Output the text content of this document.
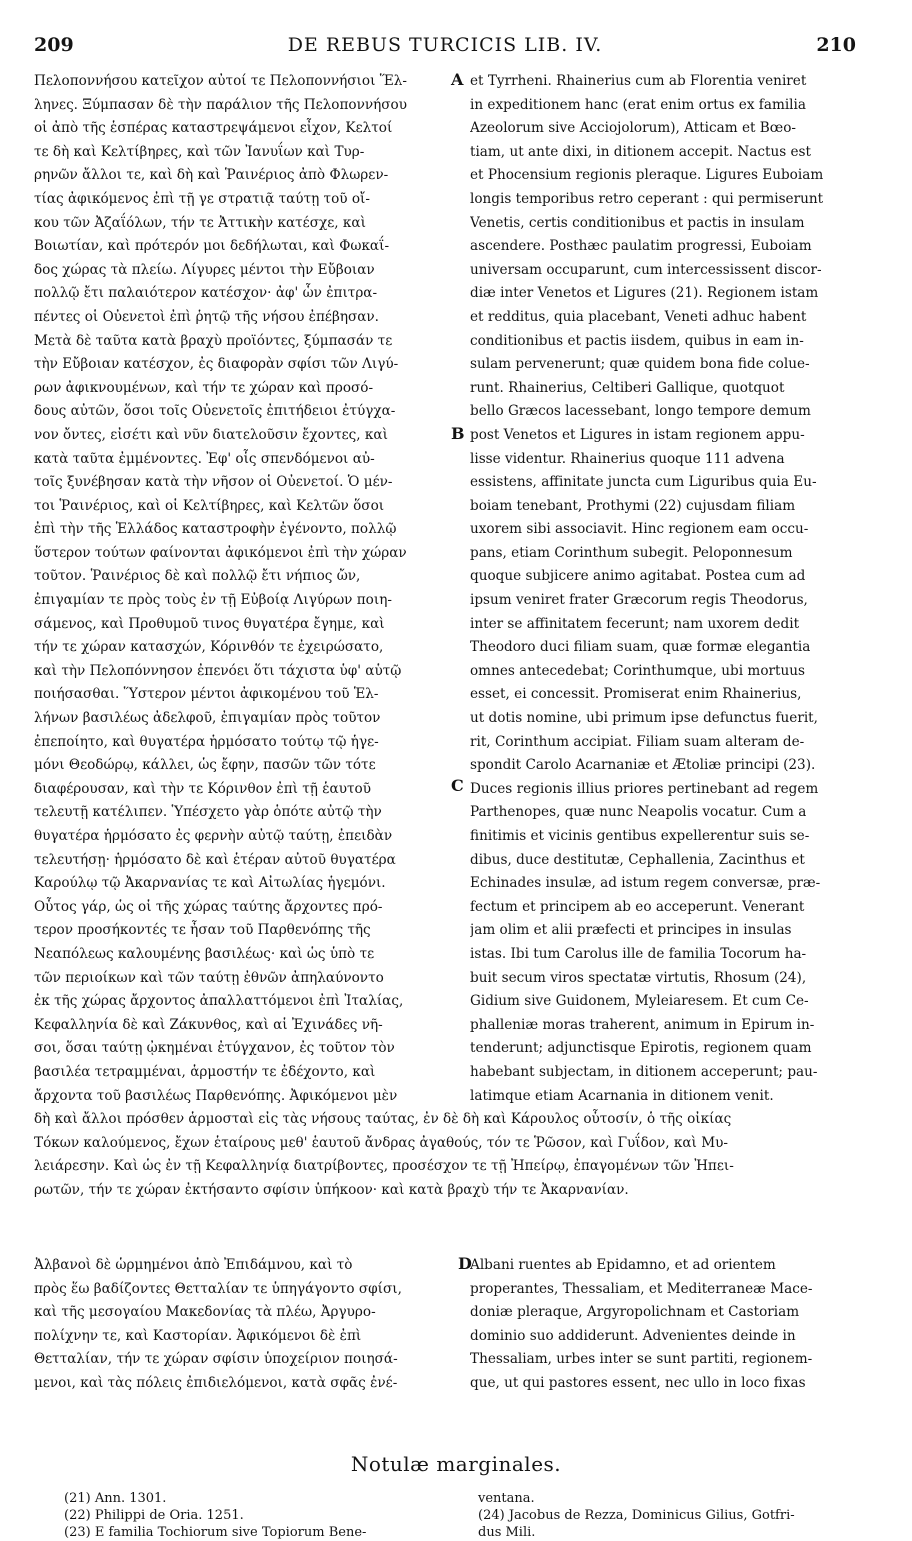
209	DE REBUS TURCICIS LIB. IV.	210
Πελοποννήσου κατεῖχον αὐτοί τε Πελοποννήσιοι Ἕλ-
ληνες. Ξύμπασαν δὲ τὴν παράλιον τῆς Πελοποννήσου
οἱ ἀπὸ τῆς ἑσπέρας καταστρεψάμενοι εἶχον, Κελτοί
τε δὴ καὶ Κελτίβηρες, καὶ τῶν Ἰανυΐων καὶ Τυρ-
ρηνῶν ἄλλοι τε, καὶ δὴ καὶ Ῥαινέριος ἀπὸ Φλωρεν-
τίας ἀφικόμενος ἐπὶ τῇ γε στρατιᾷ ταύτῃ τοῦ οἴ-
κου τῶν Ἀζαΐόλων, τήν τε Ἀττικὴν κατέσχε, καὶ
Βοιωτίαν, καὶ πρότερόν μοι δεδήλωται, καὶ Φωκαΐ-
δος χώρας τὰ πλείω. Λίγυρες μέντοι τὴν Εὔβοιαν
πολλῷ ἔτι παλαιότερον κατέσχον· ἀφ' ὧν ἐπιτρα-
πέντες οἱ Οὐενετοὶ ἐπὶ ῥητῷ τῆς νήσου ἐπέβησαν.
Μετὰ δὲ ταῦτα κατὰ βραχὺ προϊόντες, ξύμπασάν τε
τὴν Εὔβοιαν κατέσχον, ἐς διαφορὰν σφίσι τῶν Λιγύ-
ρων ἀφικνουμένων, καὶ τήν τε χώραν καὶ προσό-
δους αὐτῶν, ὅσοι τοῖς Οὐενετοῖς ἐπιτήδειοι ἐτύγχα-
νον ὄντες, εἰσέτι καὶ νῦν διατελοῦσιν ἔχοντες, καὶ
κατὰ ταῦτα ἐμμένοντες. Ἐφ' οἷς σπενδόμενοι αὐ-
τοῖς ξυνέβησαν κατὰ τὴν νῆσον οἱ Οὐενετοί. Ὁ μέν-
τοι Ῥαινέριος, καὶ οἱ Κελτίβηρες, καὶ Κελτῶν ὅσοι
ἐπὶ τὴν τῆς Ἑλλάδος καταστροφὴν ἐγένοντο, πολλῷ
ὕστερον τούτων φαίνονται ἀφικόμενοι ἐπὶ τὴν χώραν
τοῦτον. Ῥαινέριος δὲ καὶ πολλῷ ἔτι νήπιος ὤν,
ἐπιγαμίαν τε πρὸς τοὺς ἐν τῇ Εὐβοίᾳ Λιγύρων ποιη-
σάμενος, καὶ Προθυμοῦ τινος θυγατέρα ἔγημε, καὶ
τήν τε χώραν κατασχών, Κόρινθόν τε ἐχειρώσατο,
καὶ τὴν Πελοπόννησον ἐπενόει ὅτι τάχιστα ὑφ' αὑτῷ
ποιήσασθαι. Ὕστερον μέντοι ἀφικομένου τοῦ Ἑλ-
λήνων βασιλέως ἀδελφοῦ, ἐπιγαμίαν πρὸς τοῦτον
ἐπεποίητο, καὶ θυγατέρα ἡρμόσατο τούτῳ τῷ ἡγε-
μόνι Θεοδώρῳ, κάλλει, ὡς ἔφην, πασῶν τῶν τότε
διαφέρουσαν, καὶ τὴν τε Κόρινθον ἐπὶ τῇ ἑαυτοῦ
τελευτῇ κατέλιπεν. Ὑπέσχετο γὰρ ὁπότε αὐτῷ τὴν
θυγατέρα ἡρμόσατο ἐς φερνὴν αὐτῷ ταύτῃ, ἐπειδὰν
τελευτήσῃ· ἡρμόσατο δὲ καὶ ἑτέραν αὐτοῦ θυγατέρα
Καρούλῳ τῷ Ἀκαρνανίας τε καὶ Αἰτωλίας ἡγεμόνι.
Οὗτος γάρ, ὡς οἱ τῆς χώρας ταύτης ἄρχοντες πρό-
τερον προσήκοντές τε ἦσαν τοῦ Παρθενόπης τῆς
Νεαπόλεως καλουμένης βασιλέως· καὶ ὡς ὑπὸ τε
τῶν περιοίκων καὶ τῶν ταύτῃ ἐθνῶν ἀπηλαύνοντο
ἐκ τῆς χώρας ἄρχοντος ἀπαλλαττόμενοι ἐπὶ Ἰταλίας,
Κεφαλληνία δὲ καὶ Ζάκυνθος, καὶ αἱ Ἐχινάδες νῆ-
σοι, ὅσαι ταύτῃ ᾠκημέναι ἐτύγχανον, ἐς τοῦτον τὸν
βασιλέα τετραμμέναι, ἁρμοστήν τε ἐδέχοντο, καὶ
ἄρχοντα τοῦ βασιλέως Παρθενόπης. Ἀφικόμενοι μὲν
et Tyrrheni. Rhainerius cum ab Florentia veniret
in expeditionem hanc (erat enim ortus ex familia
Azeolorum sive Acciojolorum), Atticam et Bœo-
tiam, ut ante dixi, in ditionem accepit. Nactus est
et Phocensium regionis pleraque. Ligures Euboiam
longis temporibus retro ceperant : qui permiserunt
Venetis, certis conditionibus et pactis in insulam
ascendere. Posthæc paulatim progressi, Euboiam
universam occuparunt, cum intercessissent discor-
diæ inter Venetos et Ligures (21). Regionem istam
et redditus, quia placebant, Veneti adhuc habent
conditionibus et pactis iisdem, quibus in eam in-
sulam pervenerunt; quæ quidem bona fide colue-
runt. Rhainerius, Celtiberi Gallique, quotquot
bello Græcos lacessebant, longo tempore demum
post Venetos et Ligures in istam regionem appu-
lisse videntur. Rhainerius quoque 111 advena
essistens, affinitate juncta cum Liguribus quia Eu-
boiam tenebant, Prothymi (22) cujusdam filiam
uxorem sibi associavit. Hinc regionem eam occu-
pans, etiam Corinthum subegit. Peloponnesum
quoque subjicere animo agitabat. Postea cum ad
ipsum veniret frater Græcorum regis Theodorus,
inter se affinitatem fecerunt; nam uxorem dedit
Theodoro duci filiam suam, quæ formæ elegantia
omnes antecedebat; Corinthumque, ubi mortuus
esset, ei concessit. Promiserat enim Rhainerius,
ut dotis nomine, ubi primum ipse defunctus fuerit,
rit, Corinthum accipiat. Filiam suam alteram de-
spondit Carolo Acarnaniæ et Ætoliæ principi (23).
Duces regionis illius priores pertinebant ad regem
Parthenopes, quæ nunc Neapolis vocatur. Cum a
finitimis et vicinis gentibus expellerentur suis se-
dibus, duce destitutæ, Cephallenia, Zacinthus et
Echinades insulæ, ad istum regem conversæ, præ-
fectum et principem ab eo acceperunt. Venerant
jam olim et alii præfecti et principes in insulas
istas. Ibi tum Carolus ille de familia Tocorum ha-
buit secum viros spectatæ virtutis, Rhosum (24),
Gidium sive Guidonem, Myleiaresem. Et cum Ce-
phalleniæ moras traherent, animum in Epirum in-
tenderunt; adjunctisque Epirotis, regionem quam
habebant subjectam, in ditionem acceperunt; pau-
latimque etiam Acarnania in ditionem venit.
A
B
C
D
δὴ καὶ ἄλλοι πρόσθεν ἁρμοσταὶ εἰς τὰς νήσους ταύτας, ἐν δὲ δὴ καὶ Κάρουλος οὗτοσίν, ὁ τῆς οἰκίας
Τόκων καλούμενος, ἔχων ἑταίρους μεθ' ἑαυτοῦ ἄνδρας ἀγαθούς, τόν τε Ῥῶσον, καὶ Γυΐδον, καὶ Μυ-
λειάρεσην. Καὶ ὡς ἐν τῇ Κεφαλληνίᾳ διατρίβοντες, προσέσχον τε τῇ Ἠπείρῳ, ἐπαγομένων τῶν Ἠπει-
ρωτῶν, τήν τε χώραν ἐκτήσαντο σφίσιν ὑπήκοον· καὶ κατὰ βραχὺ τήν τε Ἀκαρνανίαν.
Ἀλβανοὶ δὲ ὡρμημένοι ἀπὸ Ἐπιδάμνου, καὶ τὸ
πρὸς ἕω βαδίζοντες Θετταλίαν τε ὑπηγάγοντο σφίσι,
καὶ τῆς μεσογαίου Μακεδονίας τὰ πλέω, Ἀργυρο-
πολίχνην τε, καὶ Καστορίαν. Ἀφικόμενοι δὲ ἐπὶ
Θετταλίαν, τήν τε χώραν σφίσιν ὑποχείριον ποιησά-
μενοι, καὶ τὰς πόλεις ἐπιδιελόμενοι, κατὰ σφᾶς ἐνέ-
Albani ruentes ab Epidamno, et ad orientem
properantes, Thessaliam, et Mediterraneæ Mace-
doniæ pleraque, Argyropolichnam et Castoriam
dominio suo addiderunt. Advenientes deinde in
Thessaliam, urbes inter se sunt partiti, regionem-
que, ut qui pastores essent, nec ullo in loco fixas
Notulæ marginales.
(21) Ann. 1301.
(22) Philippi de Oria. 1251.
(23) E familia Tochiorum sive Topiorum Bene-
ventana.
(24) Jacobus de Rezza, Dominicus Gilius, Gotfri-
dus Mili.
